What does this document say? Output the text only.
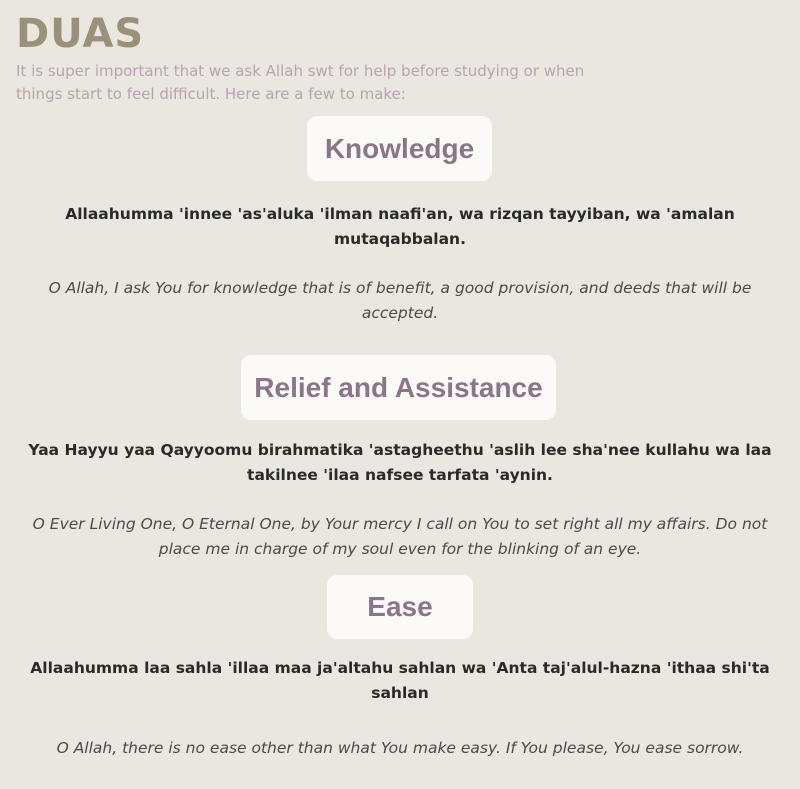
DUAS

It is super important that we ask Allah swt for help before studying or when things start to feel difficult. Here are a few to make:

Knowledge

Allaahumma 'innee 'as'aluka 'ilman naafi'an, wa rizqan tayyiban, wa 'amalan mutaqabbalan.

O Allah, I ask You for knowledge that is of benefit, a good provision, and deeds that will be accepted.

Relief and Assistance

Yaa Hayyu yaa Qayyoomu birahmatika 'astagheethu 'aslih lee sha'nee kullahu wa laa takilnee 'ilaa nafsee tarfata 'aynin.

O Ever Living One, O Eternal One, by Your mercy I call on You to set right all my affairs. Do not place me in charge of my soul even for the blinking of an eye.

Ease

Allaahumma laa sahla 'illaa maa ja'altahu sahlan wa 'Anta taj'alul-hazna 'ithaa shi'ta sahlan

O Allah, there is no ease other than what You make easy. If You please, You ease sorrow.
